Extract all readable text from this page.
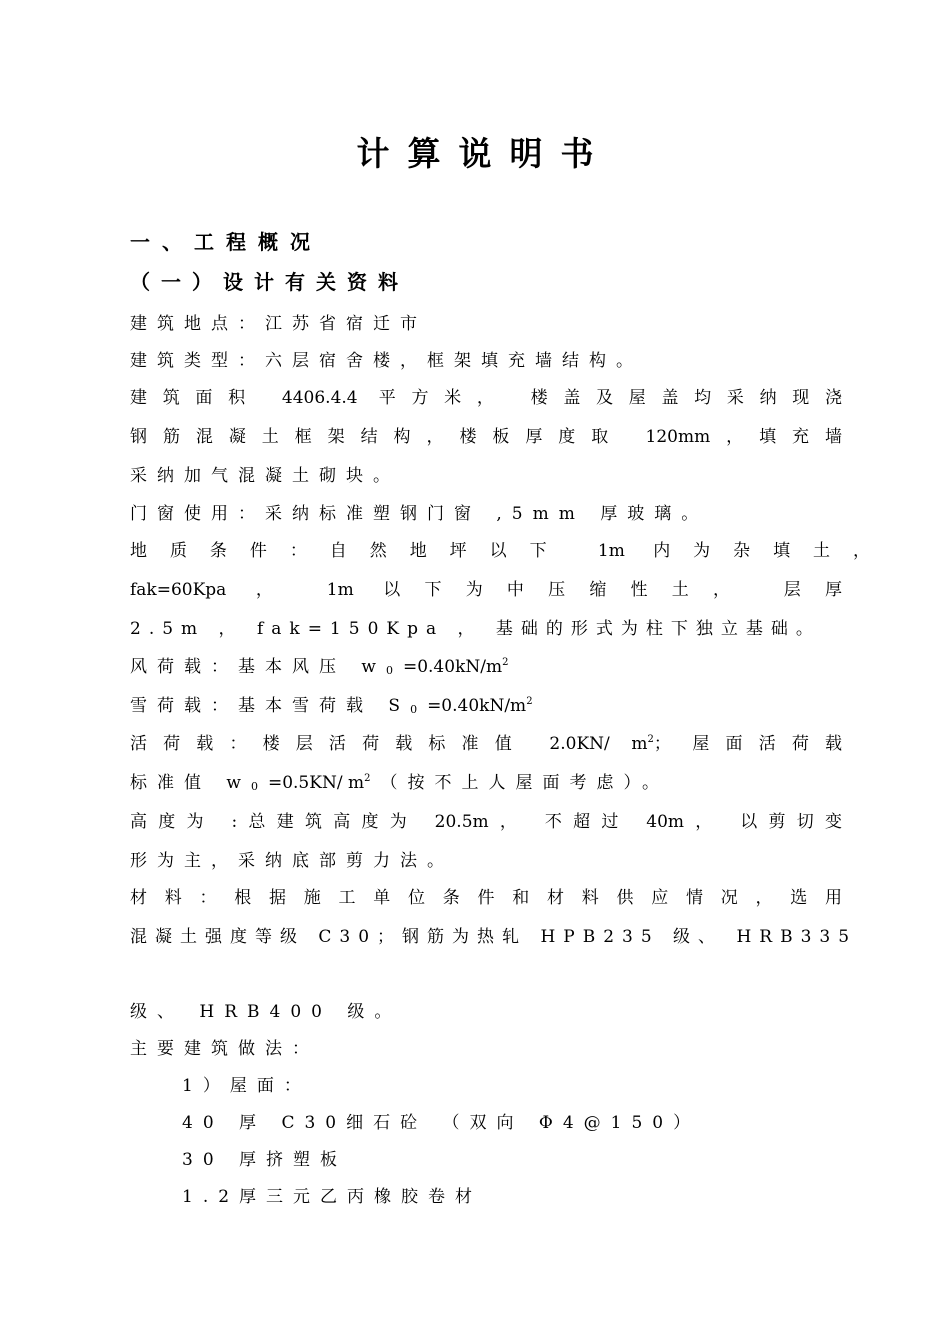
计算说明书
一、工程概况
（一）设计有关资料
建筑地点：江苏省宿迁市
建筑类型：六层宿舍楼，框架填充墙结构。
建筑面积 4406.4.4 平方米， 楼盖及屋盖均采纳现浇
钢筋混凝土框架结构，楼板厚度取 120mm，填充墙
采纳加气混凝土砌块。
门窗使用：采纳标准塑钢门窗 ,5mm 厚玻璃。
地质条件：自然地坪以下 1m 内为杂填土，
fak=60Kpa ， 1m 以下为中压缩性土， 层厚
2.5m ， fak=150Kpa ， 基础的形式为柱下独立基础。
风荷载：基本风压 $w_0=0.40kN/m^2$
雪荷载：基本雪荷载 $S_0=0.40kN/m^2$
活荷载：楼层活荷载标准值 2.0KN/ $m^2$； 屋面活荷载
标准值 $w_0=0.5KN/$ $m^2$（按不上人屋面考虑）。
高度为 :总建筑高度为 20.5m， 不超过 40m， 以剪切变
形为主，采纳底部剪力法。
材料：根据施工单位条件和材料供应情况，选用
混凝土强度等级 C30；钢筋为热轧 HPB235 级、 HRB335
级、 HRB400 级。
主要建筑做法：
1）屋面：
40 厚 C30细石砼 （双向 Φ4@150）
30 厚挤塑板
1.2厚三元乙丙橡胶卷材
